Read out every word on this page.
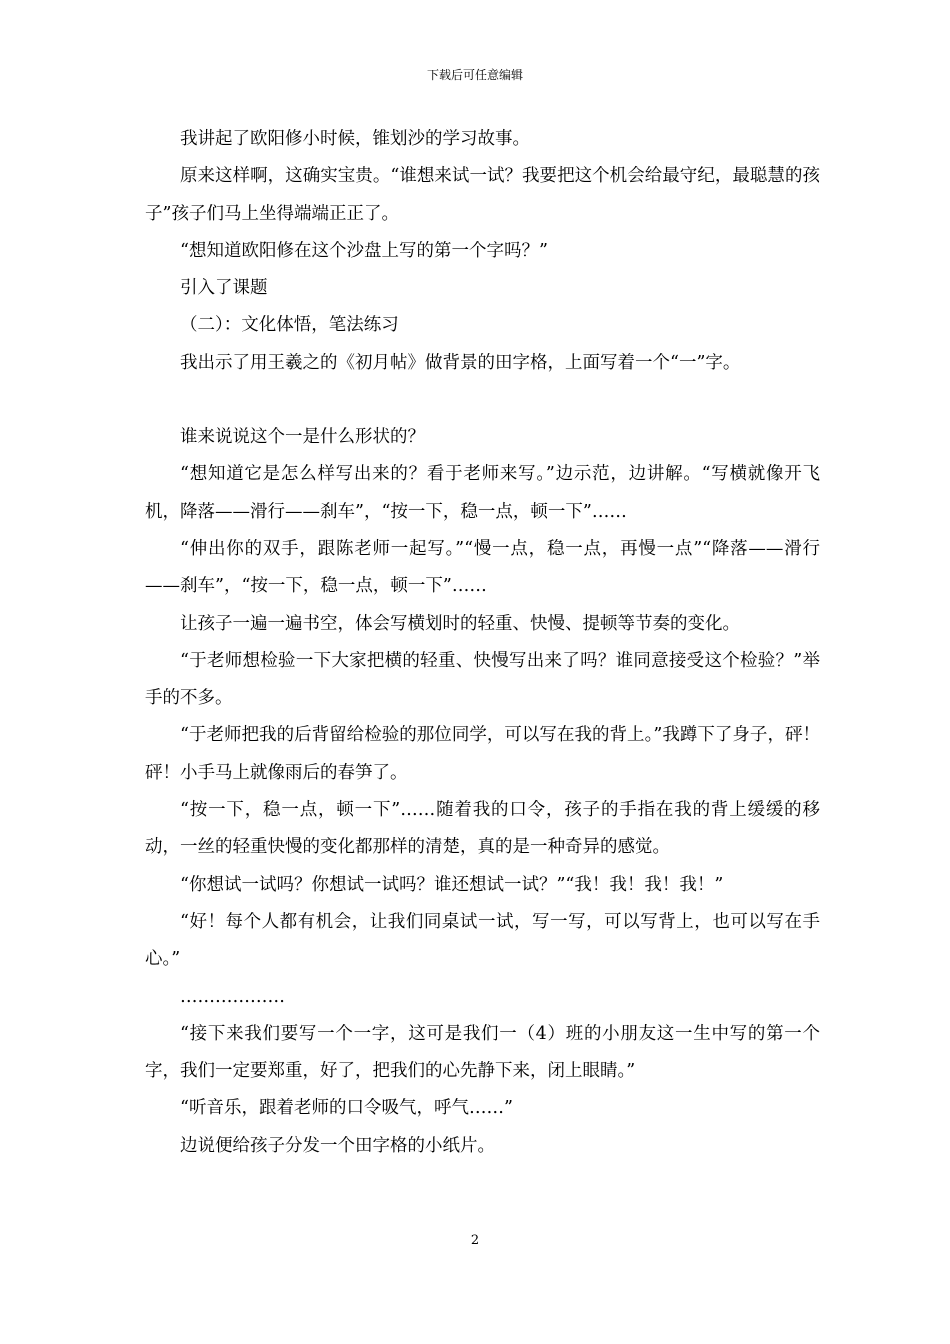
下载后可任意编辑

我讲起了欧阳修小时候，锥划沙的学习故事。

原来这样啊，这确实宝贵。“谁想来试一试？我要把这个机会给最守纪，最聪慧的孩子”孩子们马上坐得端端正正了。

“想知道欧阳修在这个沙盘上写的第一个字吗？”

引入了课题

（二）：文化体悟，笔法练习

我出示了用王羲之的《初月帖》做背景的田字格，上面写着一个“一”字。

谁来说说这个一是什么形状的？

“想知道它是怎么样写出来的？看于老师来写。”边示范，边讲解。“写横就像开飞机，降落——滑行——刹车”，“按一下，稳一点，顿一下”……

“伸出你的双手，跟陈老师一起写。”“慢一点，稳一点，再慢一点”“降落——滑行——刹车”，“按一下，稳一点，顿一下”……

让孩子一遍一遍书空，体会写横划时的轻重、快慢、提顿等节奏的变化。

“于老师想检验一下大家把横的轻重、快慢写出来了吗？谁同意接受这个检验？”举手的不多。

“于老师把我的后背留给检验的那位同学，可以写在我的背上。”我蹲下了身子，砰！砰！小手马上就像雨后的春笋了。

“按一下，稳一点，顿一下”……随着我的口令，孩子的手指在我的背上缓缓的移动，一丝的轻重快慢的变化都那样的清楚，真的是一种奇异的感觉。

“你想试一试吗？你想试一试吗？谁还想试一试？”“我！我！我！我！”

“好！每个人都有机会，让我们同桌试一试，写一写，可以写背上，也可以写在手心。”

………………

“接下来我们要写一个一字，这可是我们一（4）班的小朋友这一生中写的第一个字，我们一定要郑重，好了，把我们的心先静下来，闭上眼睛。”

“听音乐，跟着老师的口令吸气，呼气……”

边说便给孩子分发一个田字格的小纸片。

2
